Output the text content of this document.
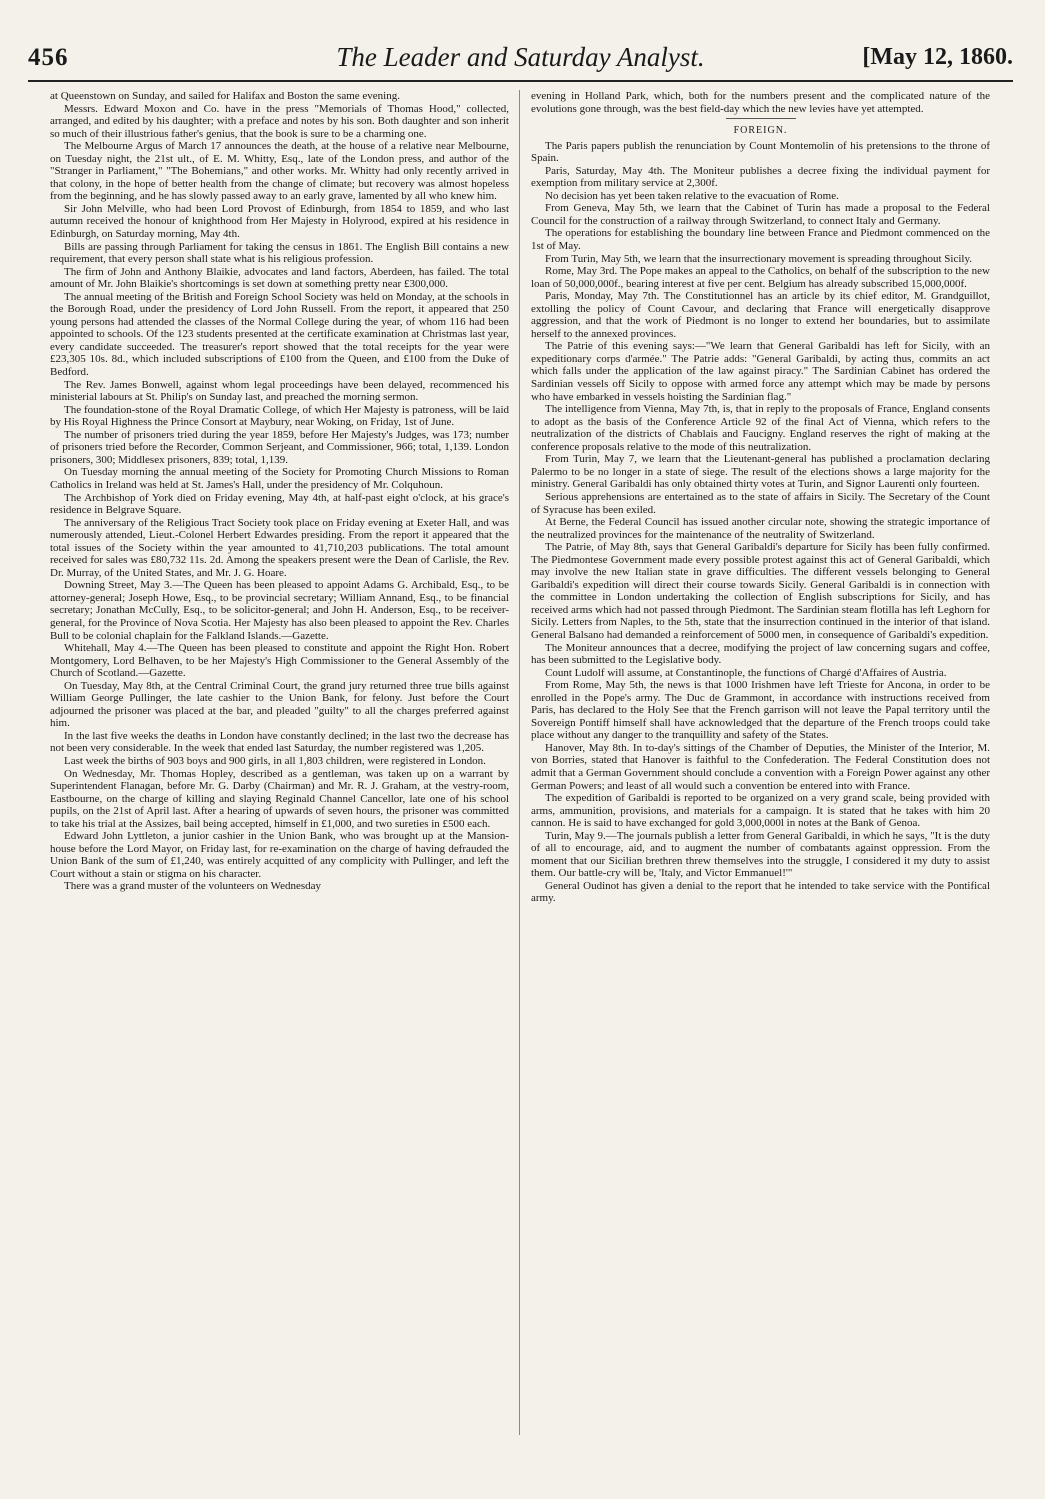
456	The Leader and Saturday Analyst.	[May 12, 1860.

at Queenstown on Sunday, and sailed for Halifax and Boston the same evening.

Messrs. Edward Moxon and Co. have in the press "Memorials of Thomas Hood," collected, arranged, and edited by his daughter; with a preface and notes by his son. Both daughter and son inherit so much of their illustrious father's genius, that the book is sure to be a charming one.

The Melbourne Argus of March 17 announces the death, at the house of a relative near Melbourne, on Tuesday night, the 21st ult., of E. M. Whitty, Esq., late of the London press, and author of the "Stranger in Parliament," "The Bohemians," and other works. Mr. Whitty had only recently arrived in that colony, in the hope of better health from the change of climate; but recovery was almost hopeless from the beginning, and he has slowly passed away to an early grave, lamented by all who knew him.

Sir John Melville, who had been Lord Provost of Edinburgh, from 1854 to 1859, and who last autumn received the honour of knighthood from Her Majesty in Holyrood, expired at his residence in Edinburgh, on Saturday morning, May 4th.

Bills are passing through Parliament for taking the census in 1861. The English Bill contains a new requirement, that every person shall state what is his religious profession.

The firm of John and Anthony Blaikie, advocates and land factors, Aberdeen, has failed. The total amount of Mr. John Blaikie's shortcomings is set down at something pretty near £300,000.

The annual meeting of the British and Foreign School Society was held on Monday, at the schools in the Borough Road, under the presidency of Lord John Russell. From the report, it appeared that 250 young persons had attended the classes of the Normal College during the year, of whom 116 had been appointed to schools. Of the 123 students presented at the certificate examination at Christmas last year, every candidate succeeded. The treasurer's report showed that the total receipts for the year were £23,305 10s. 8d., which included subscriptions of £100 from the Queen, and £100 from the Duke of Bedford.

The Rev. James Bonwell, against whom legal proceedings have been delayed, recommenced his ministerial labours at St. Philip's on Sunday last, and preached the morning sermon.

The foundation-stone of the Royal Dramatic College, of which Her Majesty is patroness, will be laid by His Royal Highness the Prince Consort at Maybury, near Woking, on Friday, 1st of June.

The number of prisoners tried during the year 1859, before Her Majesty's Judges, was 173; number of prisoners tried before the Recorder, Common Serjeant, and Commissioner, 966; total, 1,139. London prisoners, 300; Middlesex prisoners, 839; total, 1,139.

On Tuesday morning the annual meeting of the Society for Promoting Church Missions to Roman Catholics in Ireland was held at St. James's Hall, under the presidency of Mr. Colquhoun.

The Archbishop of York died on Friday evening, May 4th, at half-past eight o'clock, at his grace's residence in Belgrave Square.

The anniversary of the Religious Tract Society took place on Friday evening at Exeter Hall, and was numerously attended, Lieut.-Colonel Herbert Edwardes presiding. From the report it appeared that the total issues of the Society within the year amounted to 41,710,203 publications. The total amount received for sales was £80,732 11s. 2d. Among the speakers present were the Dean of Carlisle, the Rev. Dr. Murray, of the United States, and Mr. J. G. Hoare.

Downing Street, May 3.—The Queen has been pleased to appoint Adams G. Archibald, Esq., to be attorney-general; Joseph Howe, Esq., to be provincial secretary; William Annand, Esq., to be financial secretary; Jonathan McCully, Esq., to be solicitor-general; and John H. Anderson, Esq., to be receiver-general, for the Province of Nova Scotia. Her Majesty has also been pleased to appoint the Rev. Charles Bull to be colonial chaplain for the Falkland Islands.—Gazette.

Whitehall, May 4.—The Queen has been pleased to constitute and appoint the Right Hon. Robert Montgomery, Lord Belhaven, to be her Majesty's High Commissioner to the General Assembly of the Church of Scotland.—Gazette.

On Tuesday, May 8th, at the Central Criminal Court, the grand jury returned three true bills against William George Pullinger, the late cashier to the Union Bank, for felony. Just before the Court adjourned the prisoner was placed at the bar, and pleaded "guilty" to all the charges preferred against him.

In the last five weeks the deaths in London have constantly declined; in the last two the decrease has not been very considerable. In the week that ended last Saturday, the number registered was 1,205.

Last week the births of 903 boys and 900 girls, in all 1,803 children, were registered in London.

On Wednesday, Mr. Thomas Hopley, described as a gentleman, was taken up on a warrant by Superintendent Flanagan, before Mr. G. Darby (Chairman) and Mr. R. J. Graham, at the vestry-room, Eastbourne, on the charge of killing and slaying Reginald Channel Cancellor, late one of his school pupils, on the 21st of April last. After a hearing of upwards of seven hours, the prisoner was committed to take his trial at the Assizes, bail being accepted, himself in £1,000, and two sureties in £500 each.

Edward John Lyttleton, a junior cashier in the Union Bank, who was brought up at the Mansion-house before the Lord Mayor, on Friday last, for re-examination on the charge of having defrauded the Union Bank of the sum of £1,240, was entirely acquitted of any complicity with Pullinger, and left the Court without a stain or stigma on his character.

There was a grand muster of the volunteers on Wednesday

evening in Holland Park, which, both for the numbers present and the complicated nature of the evolutions gone through, was the best field-day which the new levies have yet attempted.

FOREIGN.

The Paris papers publish the renunciation by Count Montemolin of his pretensions to the throne of Spain.

Paris, Saturday, May 4th. The Moniteur publishes a decree fixing the individual payment for exemption from military service at 2,300f.

No decision has yet been taken relative to the evacuation of Rome.

From Geneva, May 5th, we learn that the Cabinet of Turin has made a proposal to the Federal Council for the construction of a railway through Switzerland, to connect Italy and Germany.

The operations for establishing the boundary line between France and Piedmont commenced on the 1st of May.

From Turin, May 5th, we learn that the insurrectionary movement is spreading throughout Sicily.

Rome, May 3rd. The Pope makes an appeal to the Catholics, on behalf of the subscription to the new loan of 50,000,000f., bearing interest at five per cent. Belgium has already subscribed 15,000,000f.

Paris, Monday, May 7th. The Constitutionnel has an article by its chief editor, M. Grandguillot, extolling the policy of Count Cavour, and declaring that France will energetically disapprove aggression, and that the work of Piedmont is no longer to extend her boundaries, but to assimilate herself to the annexed provinces.

The Patrie of this evening says:—"We learn that General Garibaldi has left for Sicily, with an expeditionary corps d'armée." The Patrie adds: "General Garibaldi, by acting thus, commits an act which falls under the application of the law against piracy." The Sardinian Cabinet has ordered the Sardinian vessels off Sicily to oppose with armed force any attempt which may be made by persons who have embarked in vessels hoisting the Sardinian flag."

The intelligence from Vienna, May 7th, is, that in reply to the proposals of France, England consents to adopt as the basis of the Conference Article 92 of the final Act of Vienna, which refers to the neutralization of the districts of Chablais and Faucigny. England reserves the right of making at the conference proposals relative to the mode of this neutralization.

From Turin, May 7, we learn that the Lieutenant-general has published a proclamation declaring Palermo to be no longer in a state of siege. The result of the elections shows a large majority for the ministry. General Garibaldi has only obtained thirty votes at Turin, and Signor Laurenti only fourteen.

Serious apprehensions are entertained as to the state of affairs in Sicily. The Secretary of the Count of Syracuse has been exiled.

At Berne, the Federal Council has issued another circular note, showing the strategic importance of the neutralized provinces for the maintenance of the neutrality of Switzerland.

The Patrie, of May 8th, says that General Garibaldi's departure for Sicily has been fully confirmed. The Piedmontese Government made every possible protest against this act of General Garibaldi, which may involve the new Italian state in grave difficulties. The different vessels belonging to General Garibaldi's expedition will direct their course towards Sicily. General Garibaldi is in connection with the committee in London undertaking the collection of English subscriptions for Sicily, and has received arms which had not passed through Piedmont. The Sardinian steam flotilla has left Leghorn for Sicily. Letters from Naples, to the 5th, state that the insurrection continued in the interior of that island. General Balsano had demanded a reinforcement of 5000 men, in consequence of Garibaldi's expedition.

The Moniteur announces that a decree, modifying the project of law concerning sugars and coffee, has been submitted to the Legislative body.

Count Ludolf will assume, at Constantinople, the functions of Chargé d'Affaires of Austria.

From Rome, May 5th, the news is that 1000 Irishmen have left Trieste for Ancona, in order to be enrolled in the Pope's army. The Duc de Grammont, in accordance with instructions received from Paris, has declared to the Holy See that the French garrison will not leave the Papal territory until the Sovereign Pontiff himself shall have acknowledged that the departure of the French troops could take place without any danger to the tranquillity and safety of the States.

Hanover, May 8th. In to-day's sittings of the Chamber of Deputies, the Minister of the Interior, M. von Borries, stated that Hanover is faithful to the Confederation. The Federal Constitution does not admit that a German Government should conclude a convention with a Foreign Power against any other German Powers; and least of all would such a convention be entered into with France.

The expedition of Garibaldi is reported to be organized on a very grand scale, being provided with arms, ammunition, provisions, and materials for a campaign. It is stated that he takes with him 20 cannon. He is said to have exchanged for gold 3,000,000l in notes at the Bank of Genoa.

Turin, May 9.—The journals publish a letter from General Garibaldi, in which he says, "It is the duty of all to encourage, aid, and to augment the number of combatants against oppression. From the moment that our Sicilian brethren threw themselves into the struggle, I considered it my duty to assist them. Our battle-cry will be, 'Italy, and Victor Emmanuel!'"

General Oudinot has given a denial to the report that he intended to take service with the Pontifical army.
